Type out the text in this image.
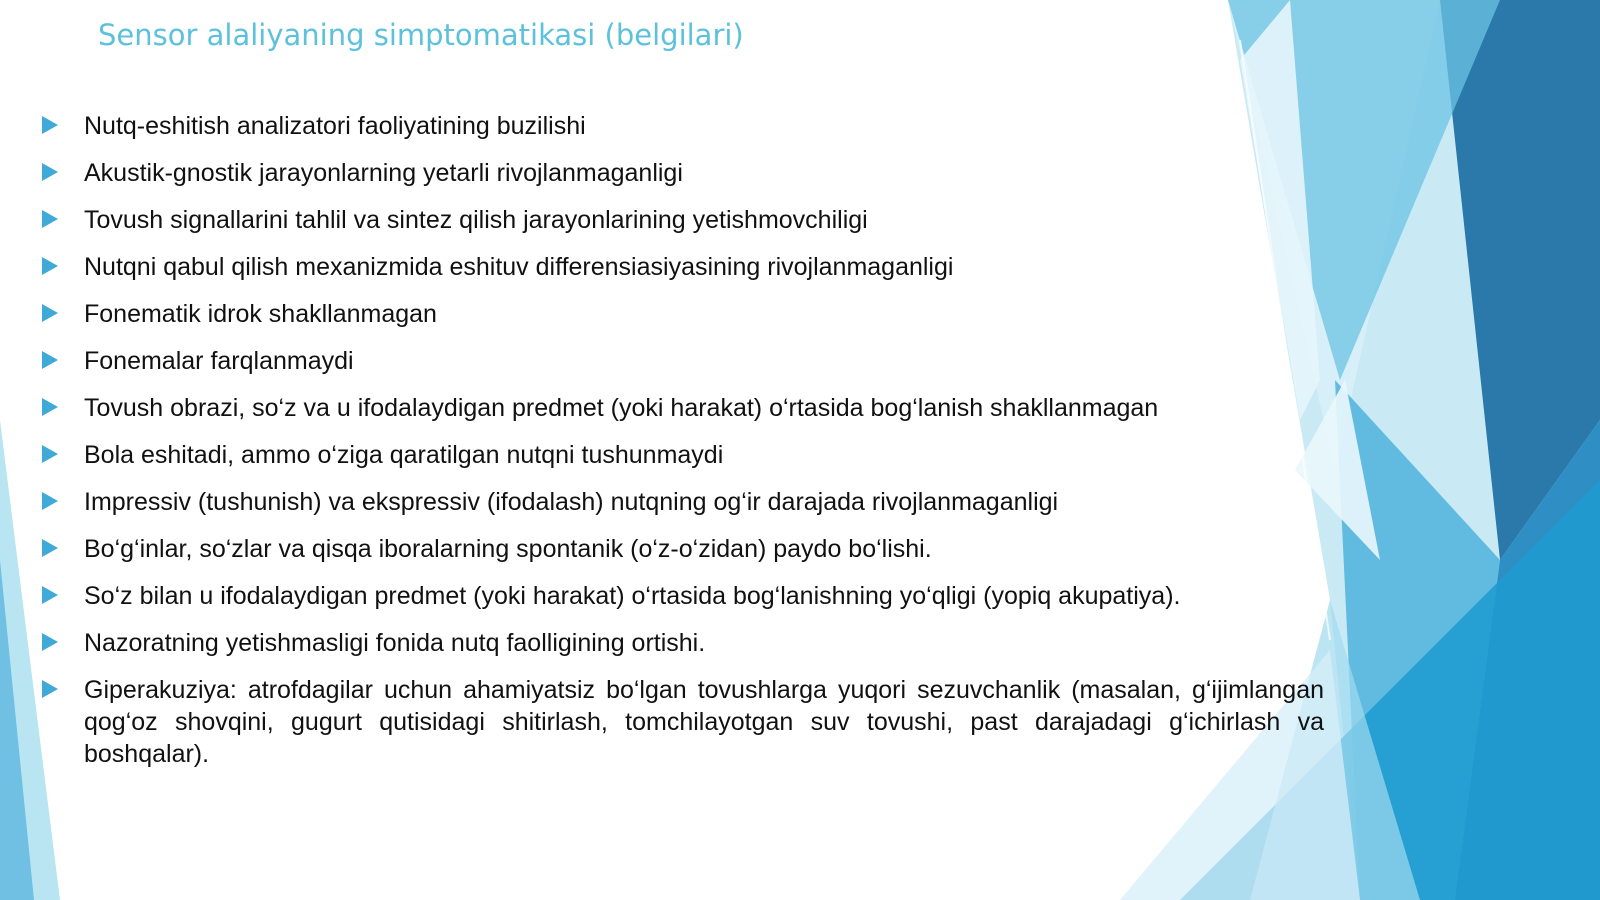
Sensor alaliyaning simptomatikasi (belgilari)
Nutq-eshitish analizatori faoliyatining buzilishi
Akustik-gnostik jarayonlarning yetarli rivojlanmaganligi
Tovush signallarini tahlil va sintez qilish jarayonlarining yetishmovchiligi
Nutqni qabul qilish mexanizmida eshituv differensiasiyasining rivojlanmaganligi
Fonematik idrok shakllanmagan
Fonemalar farqlanmaydi
Tovush obrazi, so‘z va u ifodalaydigan predmet (yoki harakat) o‘rtasida bog‘lanish shakllanmagan
Bola eshitadi, ammo o‘ziga qaratilgan nutqni tushunmaydi
Impressiv (tushunish) va ekspressiv (ifodalash) nutqning og‘ir darajada rivojlanmaganligi
Bo‘g‘inlar, so‘zlar va qisqa iboralarning spontanik (o‘z-o‘zidan) paydo bo‘lishi.
So‘z bilan u ifodalaydigan predmet (yoki harakat) o‘rtasida bog‘lanishning yo‘qligi (yopiq akupatiya).
Nazoratning yetishmasligi fonida nutq faolligining ortishi.
Giperakuziya: atrofdagilar uchun ahamiyatsiz bo‘lgan tovushlarga yuqori sezuvchanlik (masalan, g‘ijimlangan qog‘oz shovqini, gugurt qutisidagi shitirlash, tomchilayotgan suv tovushi, past darajadagi g‘ichirlash va boshqalar).
